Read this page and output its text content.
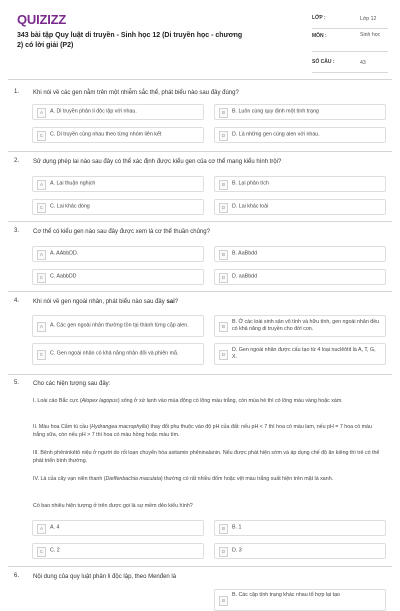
QUIZIZZ
343 bài tập Quy luật di truyền - Sinh học 12 (Di truyền học - chương 2) có lời giải (P2)
LỚP :	Lớp 12
MÔN :	Sinh học
SỐ CÂU :	43
1. Khi nói về các gen nằm trên một nhiễm sắc thể, phát biểu nào sau đây đúng?
A	A. Di truyền phân li độc lập với nhau.	B	B. Luôn cùng quy định một tính trạng
C	C. Di truyền cùng nhau theo từng nhóm liên kết	D	D. Là những gen cùng alen với nhau.
2. Sử dụng phép lai nào sau đây có thể xác định được kiểu gen của cơ thể mang kiểu hình trội?
A	A. Lai thuận nghịch	B	B. Lai phân tích
C	C. Lai khác dòng	D	D. Lai khác loài
3. Cơ thể có kiểu gen nào sau đây được xem là cơ thể thuần chủng?
A	A. AAbbDD.	B	B. AaBbdd
C	C. AabbDD	D	D. aaBbdd
4. Khi nói về gen ngoài nhân, phát biểu nào sau đây sai?
A	A. Các gen ngoài nhân thường tồn tại thành từng cặp alen.	B
B. Ở các loài sinh sản vô tính và hữu tính, gen ngoài nhân đều có khả năng di truyền cho đời con.
C	C. Gen ngoài nhân có khả năng nhân đôi và phiên mã.	D
D. Gen ngoài nhân được cấu tạo từ 4 loại nuclêôtit là A, T, G, X.
5. Cho các hiện tượng sau đây:
I. Loài cáo Bắc cực (Alopex lagopus) sống ở xứ lạnh vào mùa đông có lông màu trắng, còn mùa hè thì có lông màu vàng hoặc xám.
II. Màu hoa Cẩm tú cầu (Hydrangea macrophylla) thay đổi phụ thuộc vào độ pH của đất: nếu pH < 7 thì hoa có màu lam, nếu pH = 7 hoa có màu trắng sữa, còn nếu pH > 7 thì hoa có màu hồng hoặc màu tím.
III. Bệnh phêninkêtô niệu ở người do rối loạn chuyển hóa axitamin phêninalanin. Nếu được phát hiện sớm và áp dụng chế độ ăn kiêng thì trẻ có thể phát triển bình thường.
IV. Lá của cây vạn niên thanh (Dieffenbachia maculata) thường có rất nhiều đốm hoặc vệt màu trắng xuất hiện trên mặt lá xanh.
Có bao nhiêu hiện tượng ở trên được gọi là sự mềm dẻo kiểu hình?
A	A. 4	B	B. 1
C	C. 2	D	D. 3
6. Nội dung của quy luật phân li độc lập, theo Menđen là
B
B. Các cặp tính trạng khác nhau tổ hợp lại tạo
